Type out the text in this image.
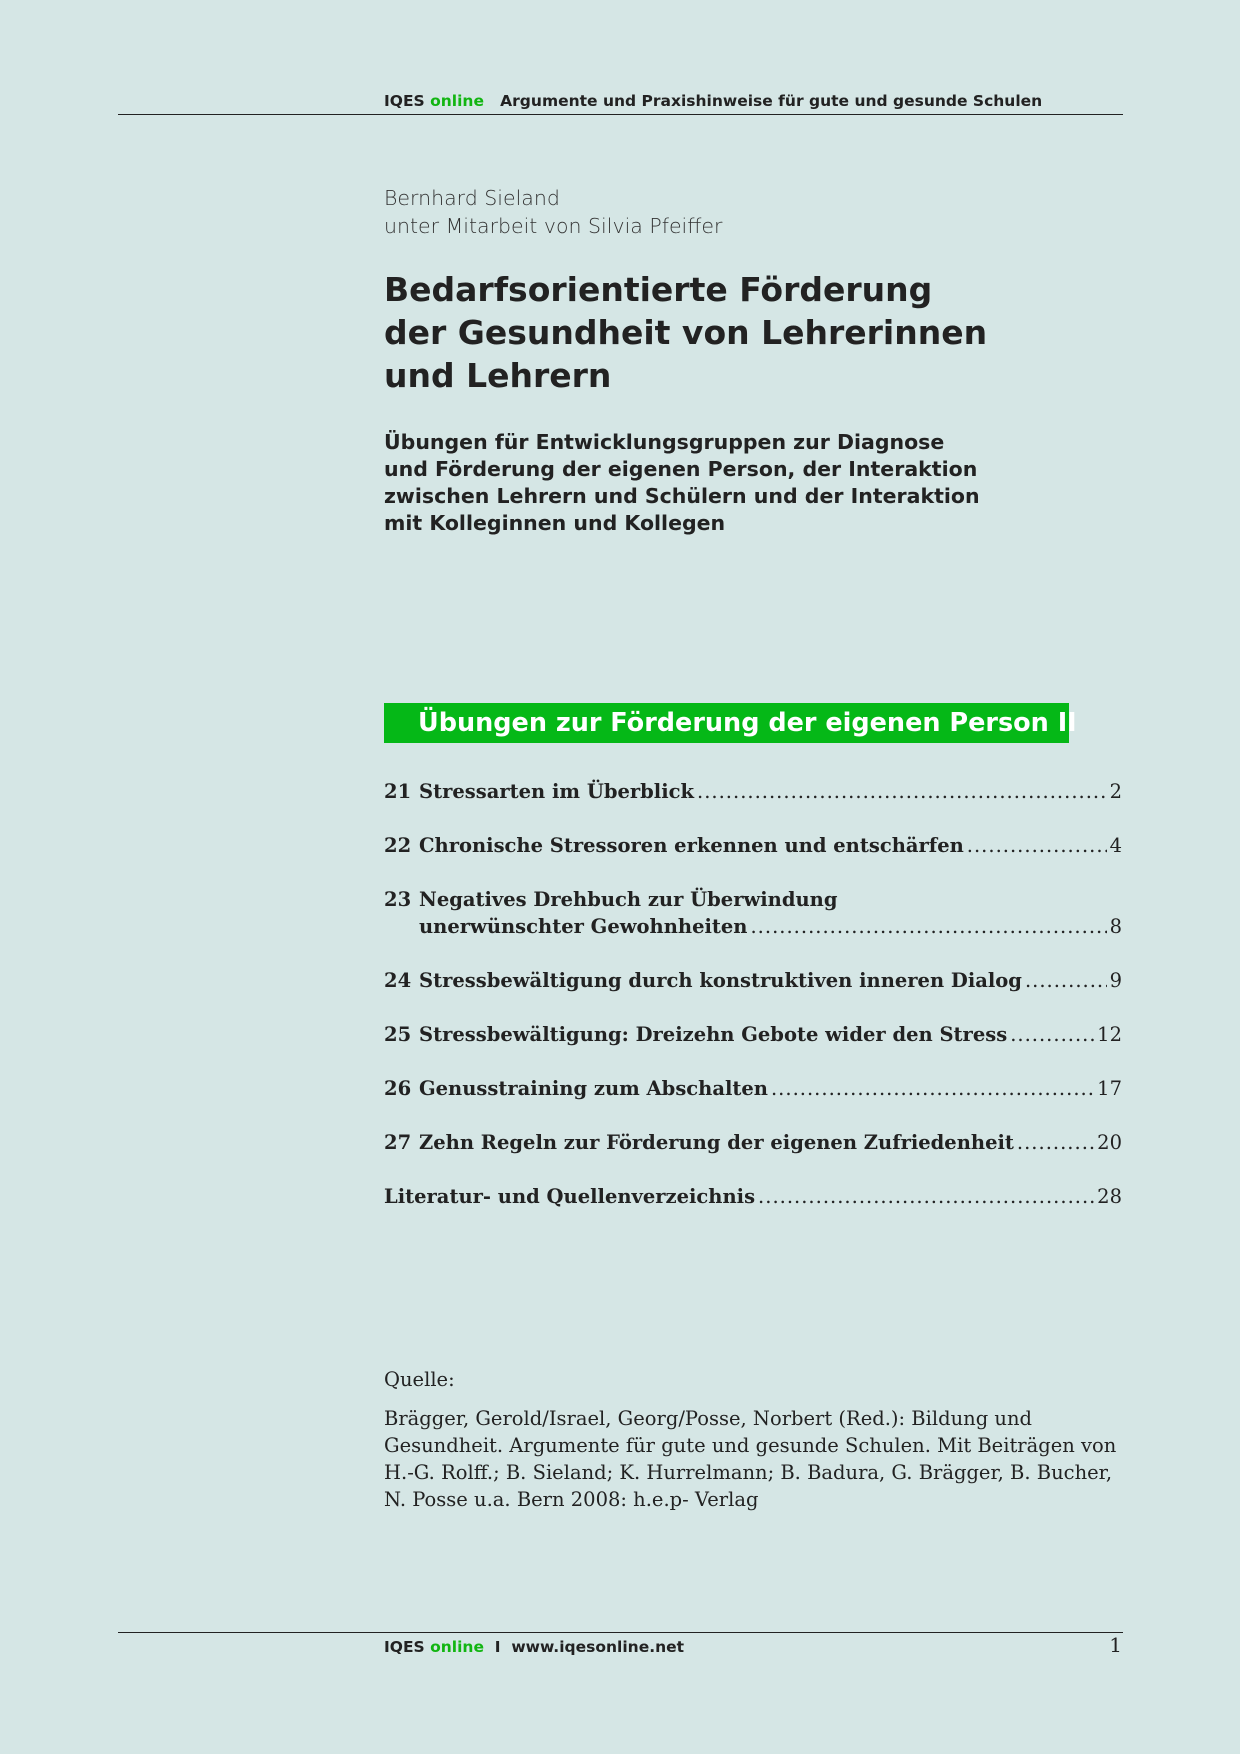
IQES online Argumente und Praxishinweise für gute und gesunde Schulen
Bernhard Sieland
unter Mitarbeit von Silvia Pfeiffer
Bedarfsorientierte Förderung
der Gesundheit von Lehrerinnen
und Lehrern
Übungen für Entwicklungsgruppen zur Diagnose
und Förderung der eigenen Person, der Interaktion
zwischen Lehrern und Schülern und der Interaktion
mit Kolleginnen und Kollegen
Übungen zur Förderung der eigenen Person II
21 Stressarten im Überblick .....	2
22 Chronische Stressoren erkennen und entschärfen .....	4
23 Negatives Drehbuch zur Überwindung
unerwünschter Gewohnheiten .....	8
24 Stressbewältigung durch konstruktiven inneren Dialog .....	9
25 Stressbewältigung: Dreizehn Gebote wider den Stress .....	12
26 Genusstraining zum Abschalten .....	17
27 Zehn Regeln zur Förderung der eigenen Zufriedenheit .....	20
Literatur- und Quellenverzeichnis .....	28

Quelle:

Brägger, Gerold/Israel, Georg/Posse, Norbert (Red.): Bildung und Gesundheit. Argumente für gute und gesunde Schulen. Mit Beiträgen von H.-G. Rolff.; B. Sieland; K. Hurrelmann; B. Badura, G. Brägger, B. Bucher, N. Posse u.a. Bern 2008: h.e.p- Verlag

IQES online I www.iqesonline.net	1
